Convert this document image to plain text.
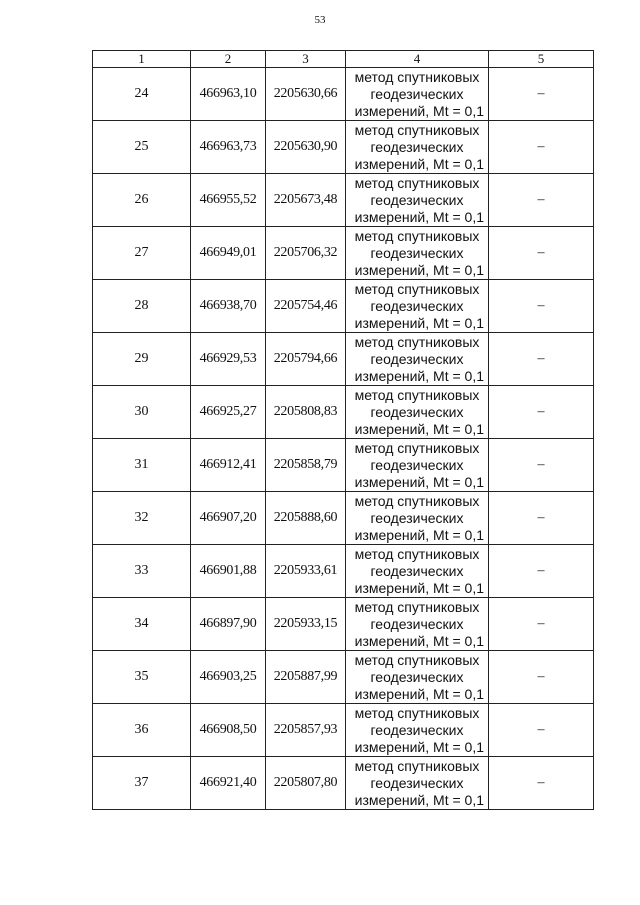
53
1	2	3	4	5
24	466963,10	2205630,66	метод спутниковых
геодезических
измерений, Mt = 0,1	–
25	466963,73	2205630,90	метод спутниковых
геодезических
измерений, Mt = 0,1	–
26	466955,52	2205673,48	метод спутниковых
геодезических
измерений, Mt = 0,1	–
27	466949,01	2205706,32	метод спутниковых
геодезических
измерений, Mt = 0,1	–
28	466938,70	2205754,46	метод спутниковых
геодезических
измерений, Mt = 0,1	–
29	466929,53	2205794,66	метод спутниковых
геодезических
измерений, Mt = 0,1	–
30	466925,27	2205808,83	метод спутниковых
геодезических
измерений, Mt = 0,1	–
31	466912,41	2205858,79	метод спутниковых
геодезических
измерений, Mt = 0,1	–
32	466907,20	2205888,60	метод спутниковых
геодезических
измерений, Mt = 0,1	–
33	466901,88	2205933,61	метод спутниковых
геодезических
измерений, Mt = 0,1	–
34	466897,90	2205933,15	метод спутниковых
геодезических
измерений, Mt = 0,1	–
35	466903,25	2205887,99	метод спутниковых
геодезических
измерений, Mt = 0,1	–
36	466908,50	2205857,93	метод спутниковых
геодезических
измерений, Mt = 0,1	–
37	466921,40	2205807,80	метод спутниковых
геодезических
измерений, Mt = 0,1	–
